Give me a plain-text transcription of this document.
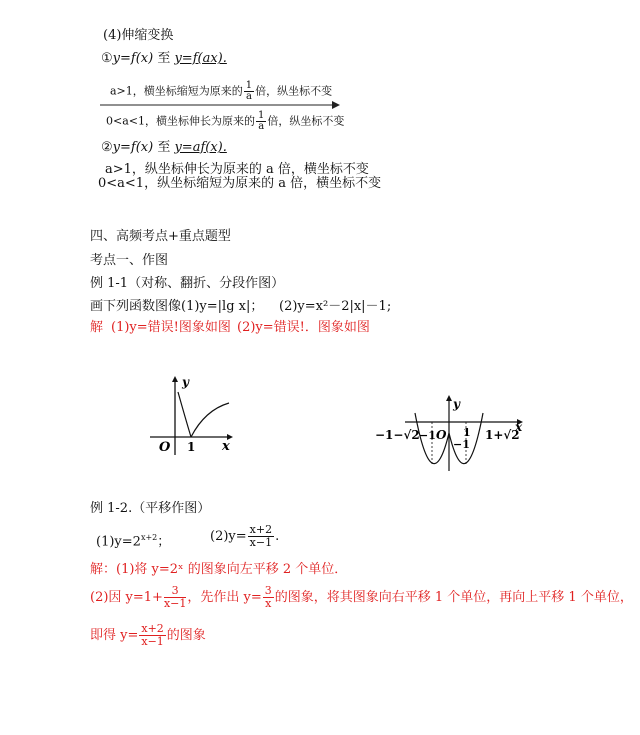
(4)伸缩变换
①y=f(x) 至 y=f(ax).
a>1，横坐标缩短为原来的 $\frac{1}{a}$ 倍，纵坐标不变
0<a<1，横坐标伸长为原来的 $\frac{1}{a}$ 倍，纵坐标不变
②y=f(x) 至 y=af(x).
a>1，纵坐标伸长为原来的 a 倍，横坐标不变
0<a<1，纵坐标缩短为原来的 a 倍，横坐标不变
四、高频考点+重点题型
考点一、作图
例 1-1（对称、翻折、分段作图）
画下列函数图像 (1)y=|lg x|； (2)y=x²－2|x|－1;
解 (1)y=错误!图象如图 (2)y=错误!．图象如图
y
x
O 1
y
x
−1−√2 −1 O 1
−1
1+√2
例 1-2.（平移作图）
$(1)y=2^{x+2}$；	$(2)y= \frac{x+2}{x-1}$ .
解：(1)将 y=2ˣ 的图象向左平移 2 个单位．
(2)因 $y=1+ \frac{3}{x-1}$ ，先作出 $y= \frac{3}{x}$ 的图象，将其图象向右平移 1 个单位，再向上平移 1 个单位，
即得 $y= \frac{x+2}{x-1}$ 的图象
